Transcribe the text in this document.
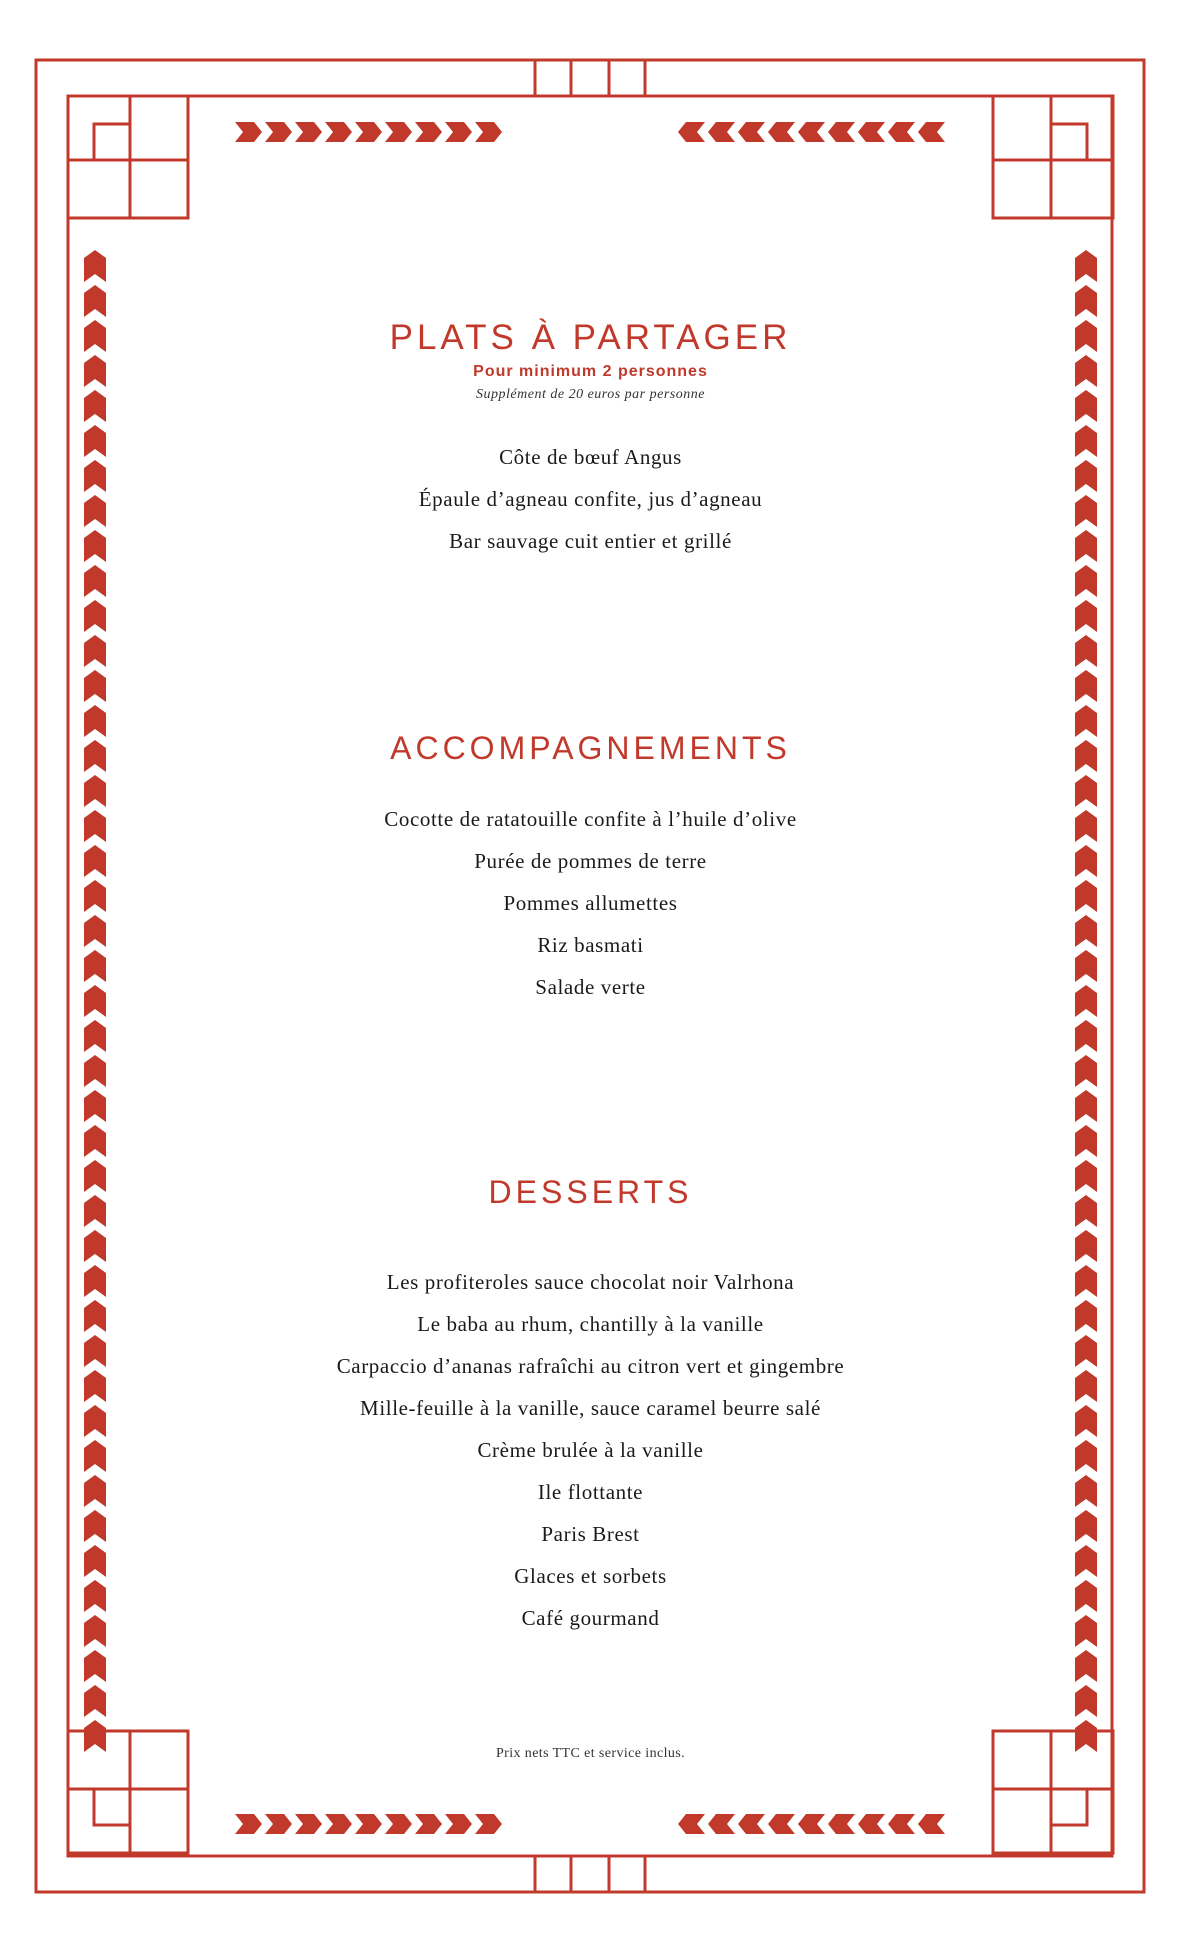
PLATS À PARTAGER
Pour minimum 2 personnes
Supplément de 20 euros par personne
Côte de bœuf Angus
Épaule d’agneau confite, jus d’agneau
Bar sauvage cuit entier et grillé
ACCOMPAGNEMENTS
Cocotte de ratatouille confite à l’huile d’olive
Purée de pommes de terre
Pommes allumettes
Riz basmati
Salade verte
DESSERTS
Les profiteroles sauce chocolat noir Valrhona
Le baba au rhum, chantilly à la vanille
Carpaccio d’ananas rafraîchi au citron vert et gingembre
Mille-feuille à la vanille, sauce caramel beurre salé
Crème brulée à la vanille
Ile flottante
Paris Brest
Glaces et sorbets
Café gourmand
Prix nets TTC et service inclus.
